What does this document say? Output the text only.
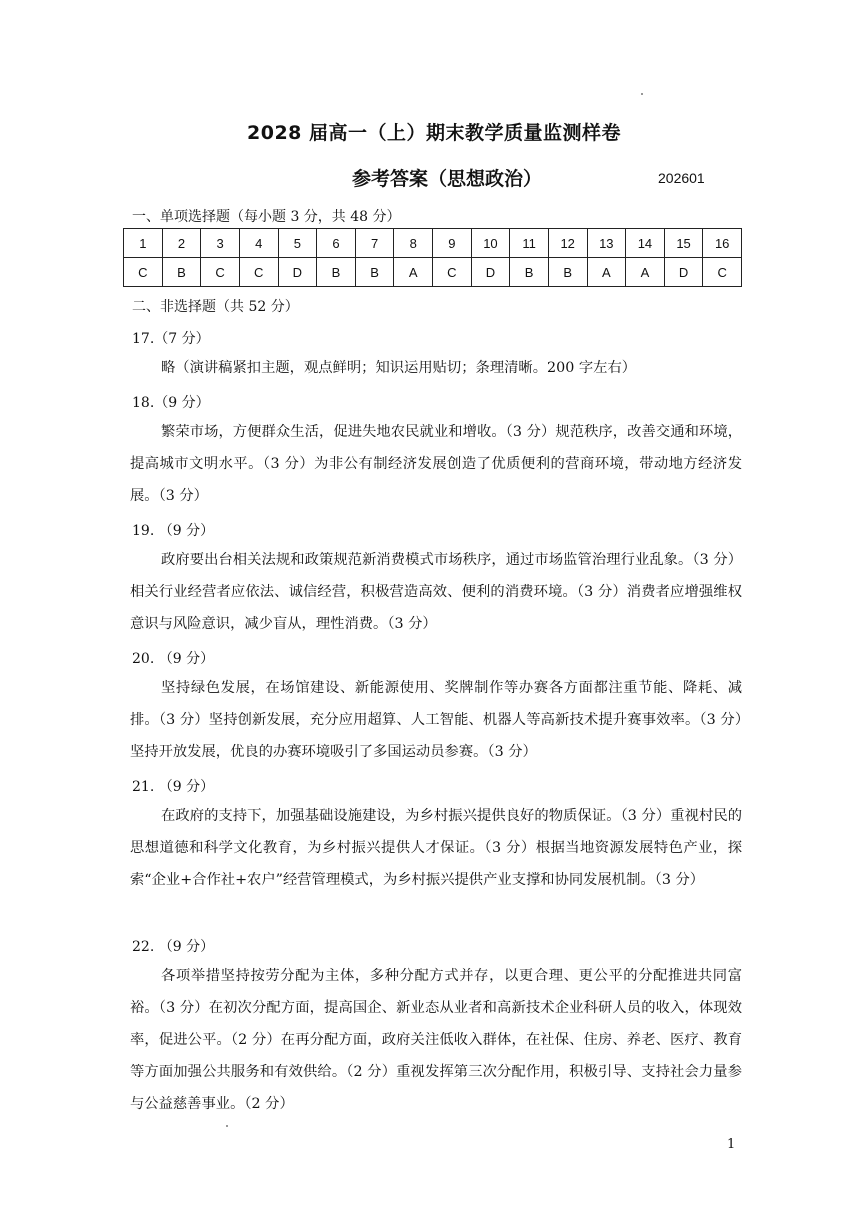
2028 届高一（上）期末教学质量监测样卷
参考答案（思想政治）	202601
一、单项选择题（每小题 3 分，共 48 分）
1	2	3	4	5	6	7	8	9	10	11	12	13	14	15	16
C	B	C	C	D	B	B	A	C	D	B	B	A	A	D	C
二、非选择题（共 52 分）
17.（7 分）
略（演讲稿紧扣主题，观点鲜明；知识运用贴切；条理清晰。200 字左右）
18.（9 分）
繁荣市场，方便群众生活，促进失地农民就业和增收。（3 分）规范秩序，改善交通和环境，提高城市文明水平。（3 分）为非公有制经济发展创造了优质便利的营商环境，带动地方经济发展。（3 分）
19. （9 分）
政府要出台相关法规和政策规范新消费模式市场秩序，通过市场监管治理行业乱象。（3 分）相关行业经营者应依法、诚信经营，积极营造高效、便利的消费环境。（3 分）消费者应增强维权意识与风险意识，减少盲从，理性消费。（3 分）
20. （9 分）
坚持绿色发展，在场馆建设、新能源使用、奖牌制作等办赛各方面都注重节能、降耗、减排。（3 分）坚持创新发展，充分应用超算、人工智能、机器人等高新技术提升赛事效率。（3 分）坚持开放发展，优良的办赛环境吸引了多国运动员参赛。（3 分）
21. （9 分）
在政府的支持下，加强基础设施建设，为乡村振兴提供良好的物质保证。（3 分）重视村民的思想道德和科学文化教育，为乡村振兴提供人才保证。（3 分）根据当地资源发展特色产业，探索“企业+合作社+农户”经营管理模式，为乡村振兴提供产业支撑和协同发展机制。（3 分）
22. （9 分）
各项举措坚持按劳分配为主体，多种分配方式并存，以更合理、更公平的分配推进共同富裕。（3 分）在初次分配方面，提高国企、新业态从业者和高新技术企业科研人员的收入，体现效率，促进公平。（2 分）在再分配方面，政府关注低收入群体，在社保、住房、养老、医疗、教育等方面加强公共服务和有效供给。（2 分）重视发挥第三次分配作用，积极引导、支持社会力量参与公益慈善事业。（2 分）
1
